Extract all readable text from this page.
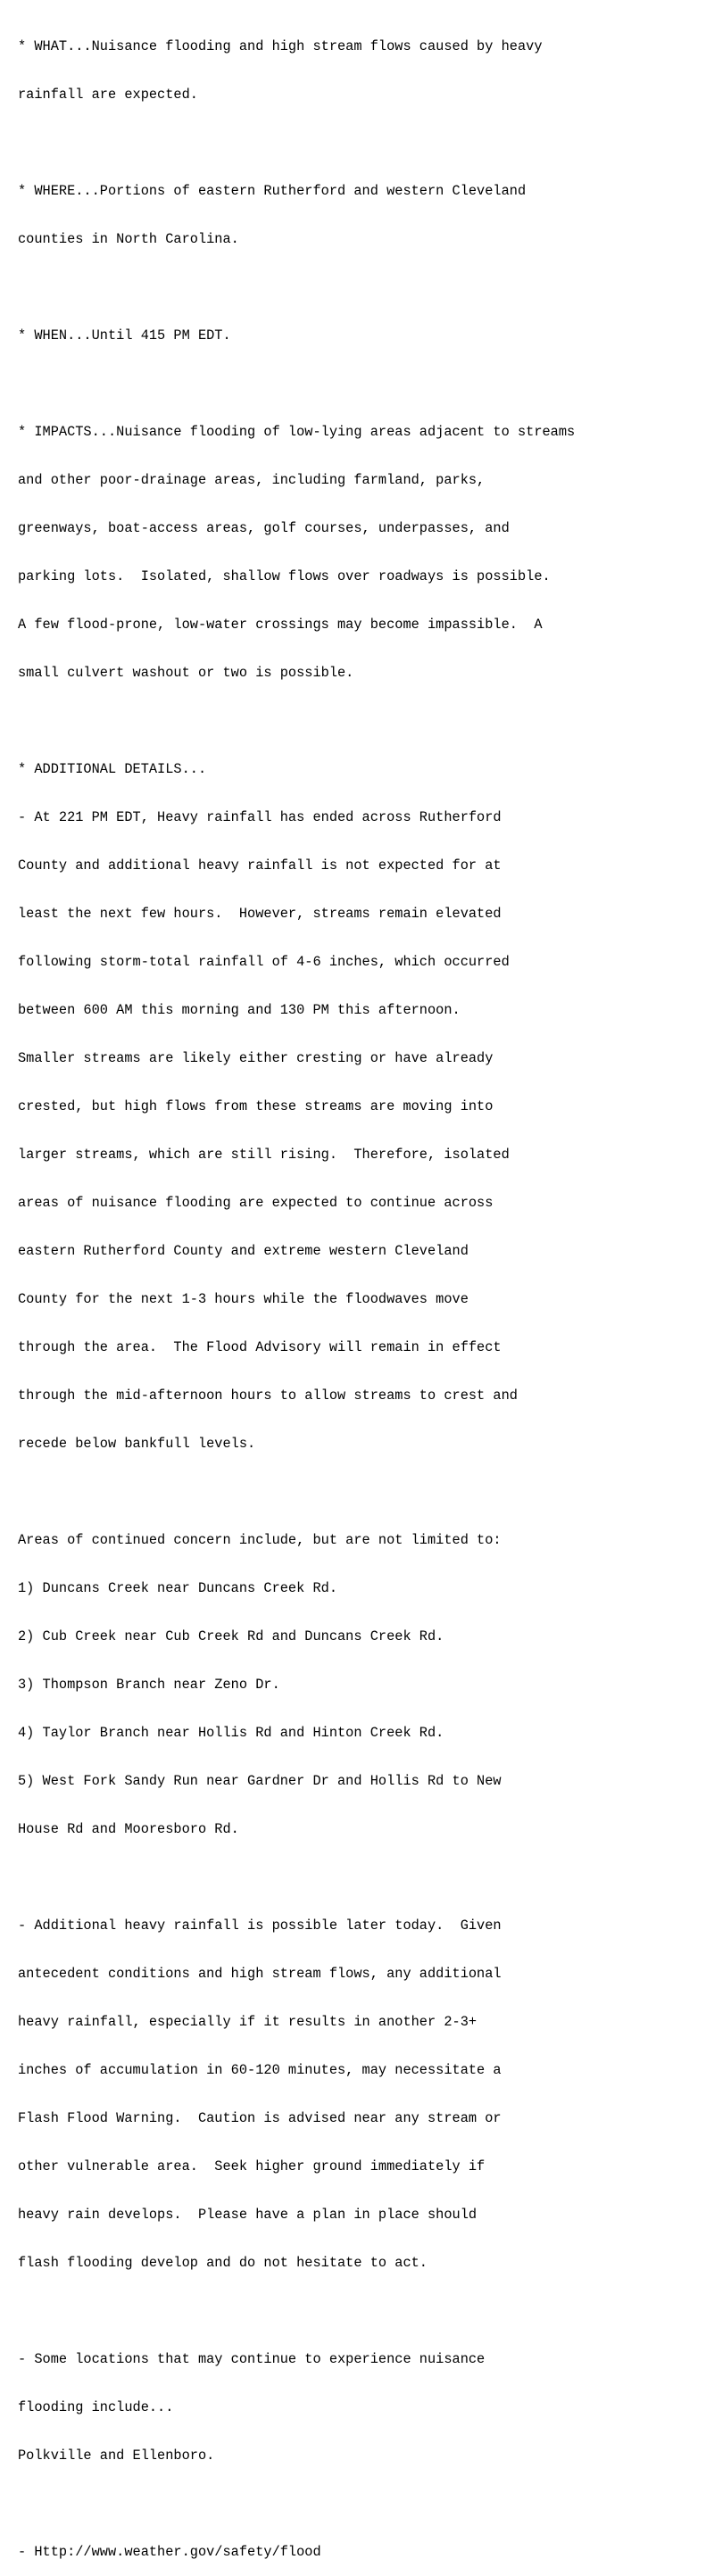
* WHAT...Nuisance flooding and high stream flows caused by heavy

rainfall are expected.

* WHERE...Portions of eastern Rutherford and western Cleveland

counties in North Carolina.

* WHEN...Until 415 PM EDT.

* IMPACTS...Nuisance flooding of low-lying areas adjacent to streams

and other poor-drainage areas, including farmland, parks,

greenways, boat-access areas, golf courses, underpasses, and

parking lots.  Isolated, shallow flows over roadways is possible.

A few flood-prone, low-water crossings may become impassible.  A

small culvert washout or two is possible.

* ADDITIONAL DETAILS...

- At 221 PM EDT, Heavy rainfall has ended across Rutherford

County and additional heavy rainfall is not expected for at

least the next few hours.  However, streams remain elevated

following storm-total rainfall of 4-6 inches, which occurred

between 600 AM this morning and 130 PM this afternoon.

Smaller streams are likely either cresting or have already

crested, but high flows from these streams are moving into

larger streams, which are still rising.  Therefore, isolated

areas of nuisance flooding are expected to continue across

eastern Rutherford County and extreme western Cleveland

County for the next 1-3 hours while the floodwaves move

through the area.  The Flood Advisory will remain in effect

through the mid-afternoon hours to allow streams to crest and

recede below bankfull levels.

Areas of continued concern include, but are not limited to:

1) Duncans Creek near Duncans Creek Rd.

2) Cub Creek near Cub Creek Rd and Duncans Creek Rd.

3) Thompson Branch near Zeno Dr.

4) Taylor Branch near Hollis Rd and Hinton Creek Rd.

5) West Fork Sandy Run near Gardner Dr and Hollis Rd to New

House Rd and Mooresboro Rd.

- Additional heavy rainfall is possible later today.  Given

antecedent conditions and high stream flows, any additional

heavy rainfall, especially if it results in another 2-3+

inches of accumulation in 60-120 minutes, may necessitate a

Flash Flood Warning.  Caution is advised near any stream or

other vulnerable area.  Seek higher ground immediately if

heavy rain develops.  Please have a plan in place should

flash flooding develop and do not hesitate to act.

- Some locations that may continue to experience nuisance

flooding include...

Polkville and Ellenboro.

- Http://www.weather.gov/safety/flood
